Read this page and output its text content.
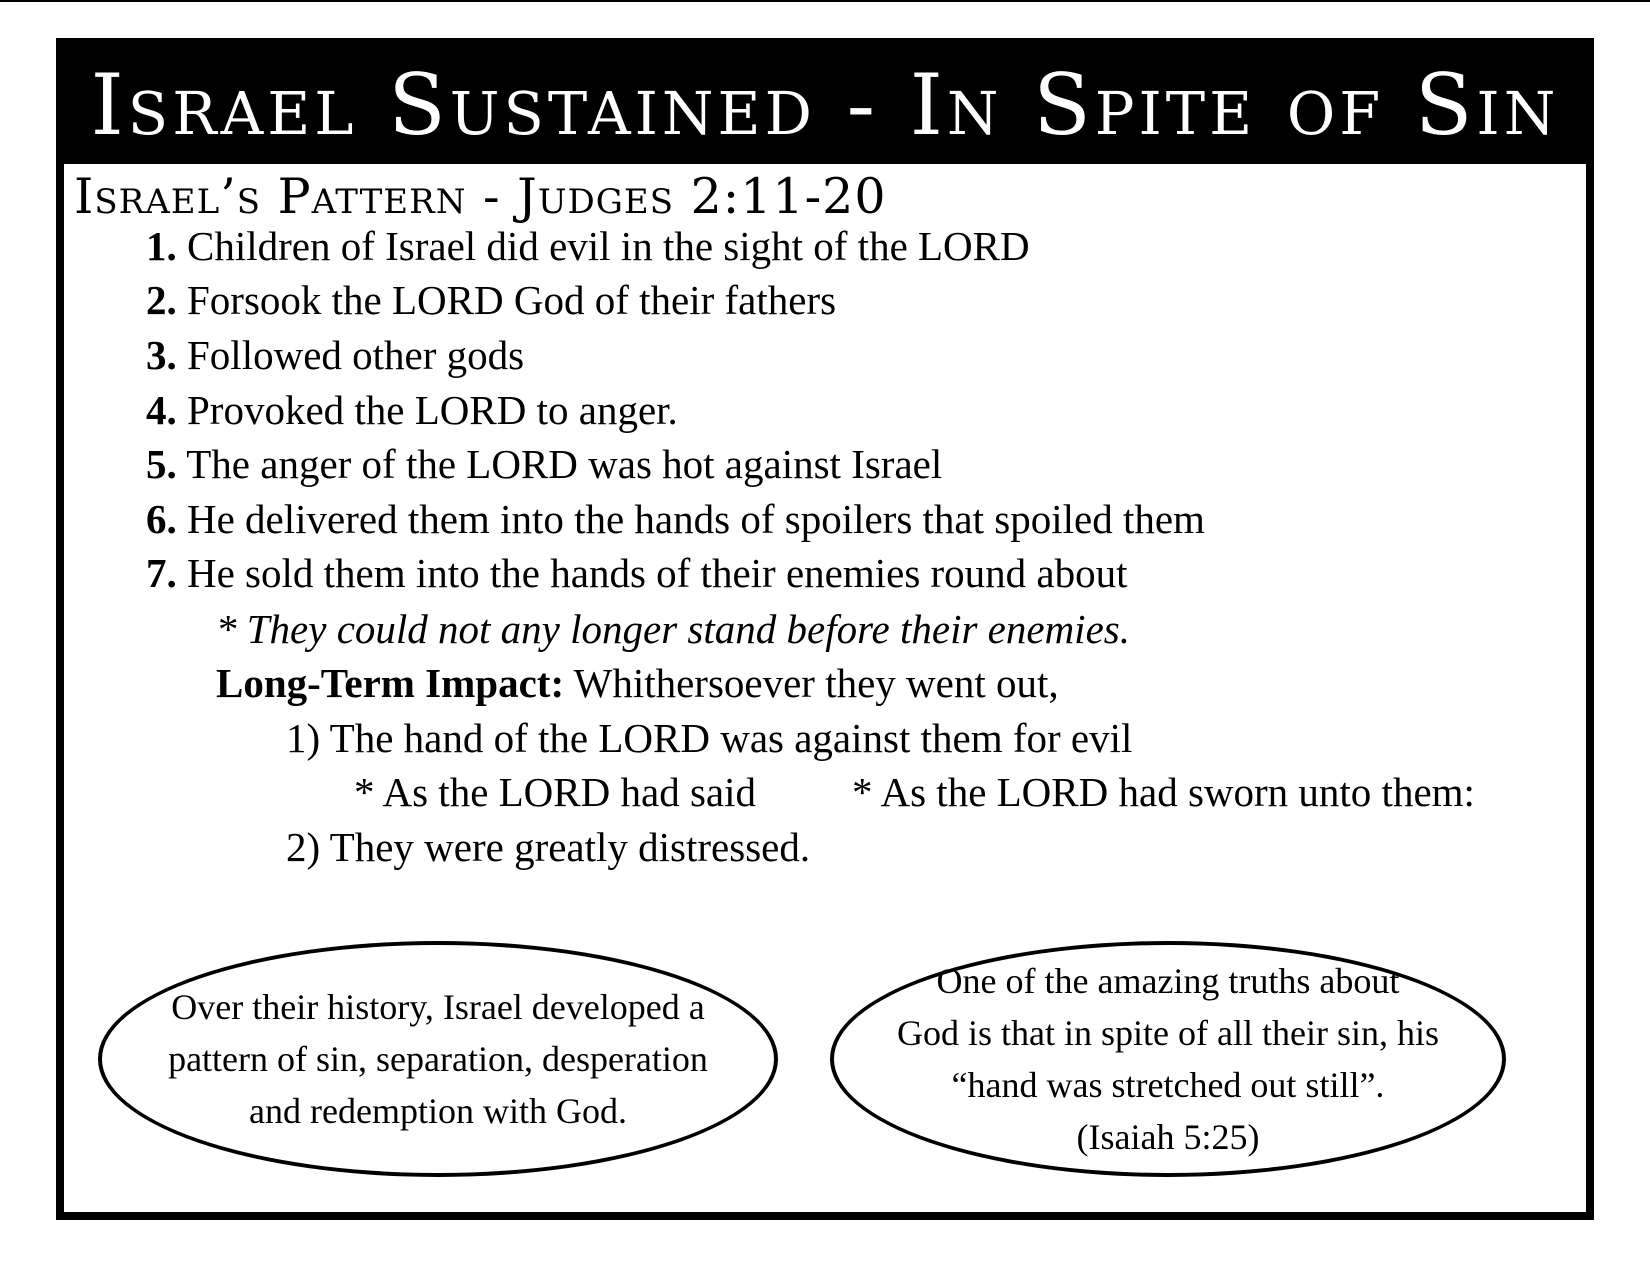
Israel Sustained - In Spite of Sin
Israel’s Pattern - Judges 2:11-20
1. Children of Israel did evil in the sight of the LORD
2. Forsook the LORD God of their fathers
3. Followed other gods
4. Provoked the LORD to anger.
5. The anger of the LORD was hot against Israel
6. He delivered them into the hands of spoilers that spoiled them
7. He sold them into the hands of their enemies round about
* They could not any longer stand before their enemies.
Long-Term Impact: Whithersoever they went out,
1) The hand of the LORD was against them for evil
* As the LORD had said * As the LORD had sworn unto them:
2) They were greatly distressed.
Over their history, Israel developed a
pattern of sin, separation, desperation
and redemption with God.
One of the amazing truths about
God is that in spite of all their sin, his
“hand was stretched out still”.
(Isaiah 5:25)
